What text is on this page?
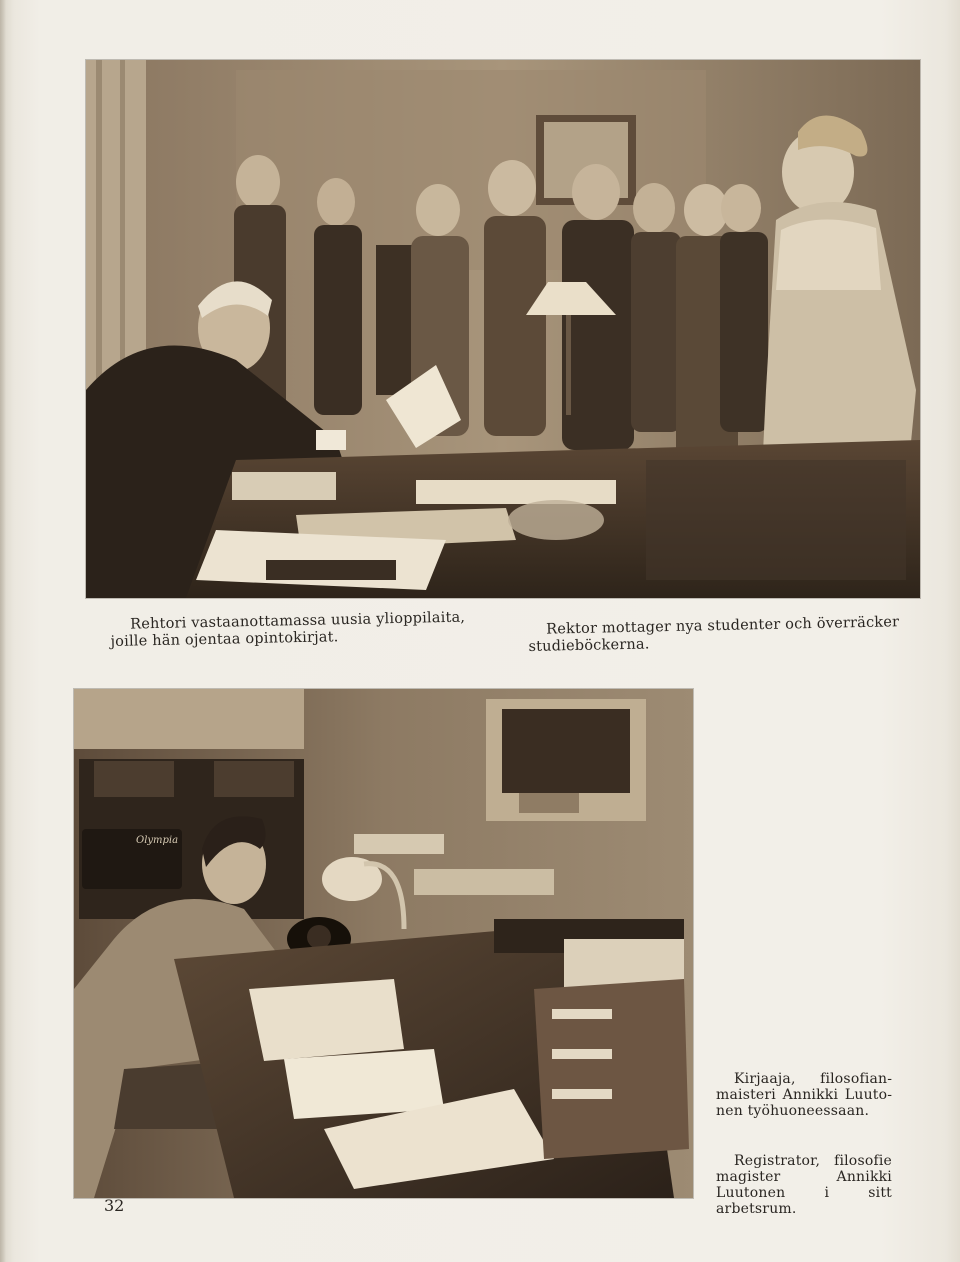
Rehtori vastaanottamassa uusia ylioppilaita, joille hän ojentaa opintokirjat.
Rektor mottager nya studenter och överräcker studieböckerna.
Olympia
Kirjaaja, filosofianmaisteri Annikki Luutonen työhuoneessaan.
Registrator, filosofie magister Annikki Luutonen i sitt arbetsrum.
32
